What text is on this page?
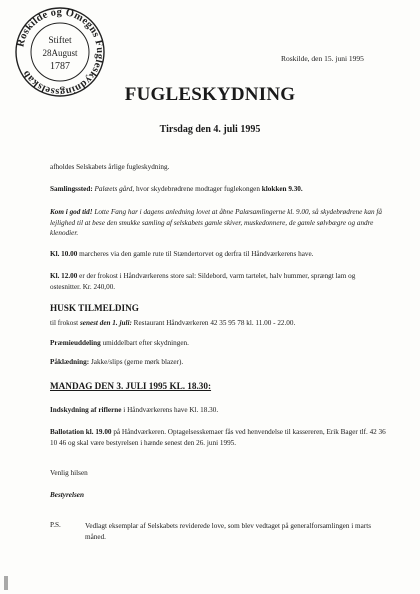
Roskilde og Omegns Fugleskydningsselskab
Stiftet
28August
1787
Roskilde, den 15. juni 1995
FUGLESKYDNING
Tirsdag den 4. juli 1995
afholdes Selskabets årlige fugleskydning.
Samlingssted: Palæets gård, hvor skydebrødrene modtager fuglekongen klokken 9.30.
Kom i god tid! Lotte Fang har i dagens anledning lovet at åbne Palæsamlingerne kl. 9.00, så skydebrødrene kan få lejlighed til at bese den smukke samling af selskabets gamle skiver, muskedonnere, de gamle sølvbægre og andre klenodier.
Kl. 10.00 marcheres via den gamle rute til Stændertorvet og derfra til Håndværkerens have.
Kl. 12.00 er der frokost i Håndværkerens store sal: Sildebord, varm tartelet, halv hummer, sprængt lam og ostesnitter. Kr. 240,00.
HUSK TILMELDING
til frokost senest den 1. juli: Restaurant Håndværkeren 42 35 95 78 kl. 11.00 - 22.00.
Præmieuddeling umiddelbart efter skydningen.
Påklædning: Jakke/slips (gerne mørk blazer).
MANDAG DEN 3. JULI 1995 KL. 18.30:
Indskydning af riflerne i Håndværkerens have Kl. 18.30.
Ballotation kl. 19.00 på Håndværkeren. Optagelsesskemaer fås ved henvendelse til kassereren, Erik Bager tlf. 42 36 10 46 og skal være bestyrelsen i hænde senest den 26. juni 1995.
Venlig hilsen
Bestyrelsen
P.S.	Vedlagt eksemplar af Selskabets reviderede love, som blev vedtaget på generalforsamlingen i marts måned.
